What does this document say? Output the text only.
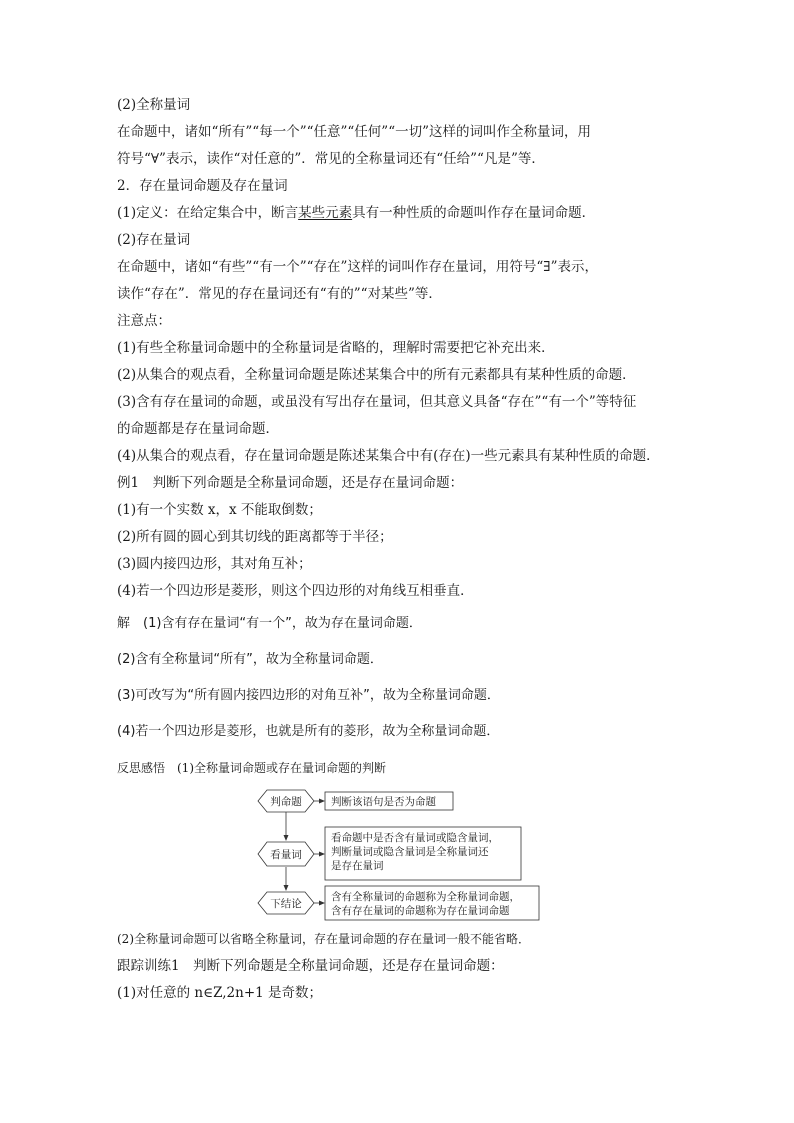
(2)全称量词
在命题中，诸如“所有”“每一个”“任意”“任何”“一切”这样的词叫作全称量词，用
符号“∀”表示，读作“对任意的”．常见的全称量词还有“任给”“凡是”等．
2．存在量词命题及存在量词
(1)定义：在给定集合中，断言某些元素具有一种性质的命题叫作存在量词命题．
(2)存在量词
在命题中，诸如“有些”“有一个”“存在”这样的词叫作存在量词，用符号“∃”表示，
读作“存在”．常见的存在量词还有“有的”“对某些”等．
注意点：
(1)有些全称量词命题中的全称量词是省略的，理解时需要把它补充出来．
(2)从集合的观点看，全称量词命题是陈述某集合中的所有元素都具有某种性质的命题．
(3)含有存在量词的命题，或虽没有写出存在量词，但其意义具备“存在”“有一个”等特征
的命题都是存在量词命题．
(4)从集合的观点看，存在量词命题是陈述某集合中有(存在)一些元素具有某种性质的命题．
例1　判断下列命题是全称量词命题，还是存在量词命题：
(1)有一个实数 x，x 不能取倒数；
(2)所有圆的圆心到其切线的距离都等于半径；
(3)圆内接四边形，其对角互补；
(4)若一个四边形是菱形，则这个四边形的对角线互相垂直．
解　(1)含有存在量词“有一个”，故为存在量词命题．
(2)含有全称量词“所有”，故为全称量词命题．
(3)可改写为“所有圆内接四边形的对角互补”，故为全称量词命题．
(4)若一个四边形是菱形，也就是所有的菱形，故为全称量词命题．
反思感悟　(1)全称量词命题或存在量词命题的判断
判命题	判断该语句是否为命题
看量词
看命题中是否含有量词或隐含量词，
判断量词或隐含量词是全称量词还
是存在量词
下结论
含有全称量词的命题称为全称量词命题，
含有存在量词的命题称为存在量词命题
(2)全称量词命题可以省略全称量词，存在量词命题的存在量词一般不能省略．
跟踪训练1　判断下列命题是全称量词命题，还是存在量词命题：
(1)对任意的 n∈Z,2n+1 是奇数；
